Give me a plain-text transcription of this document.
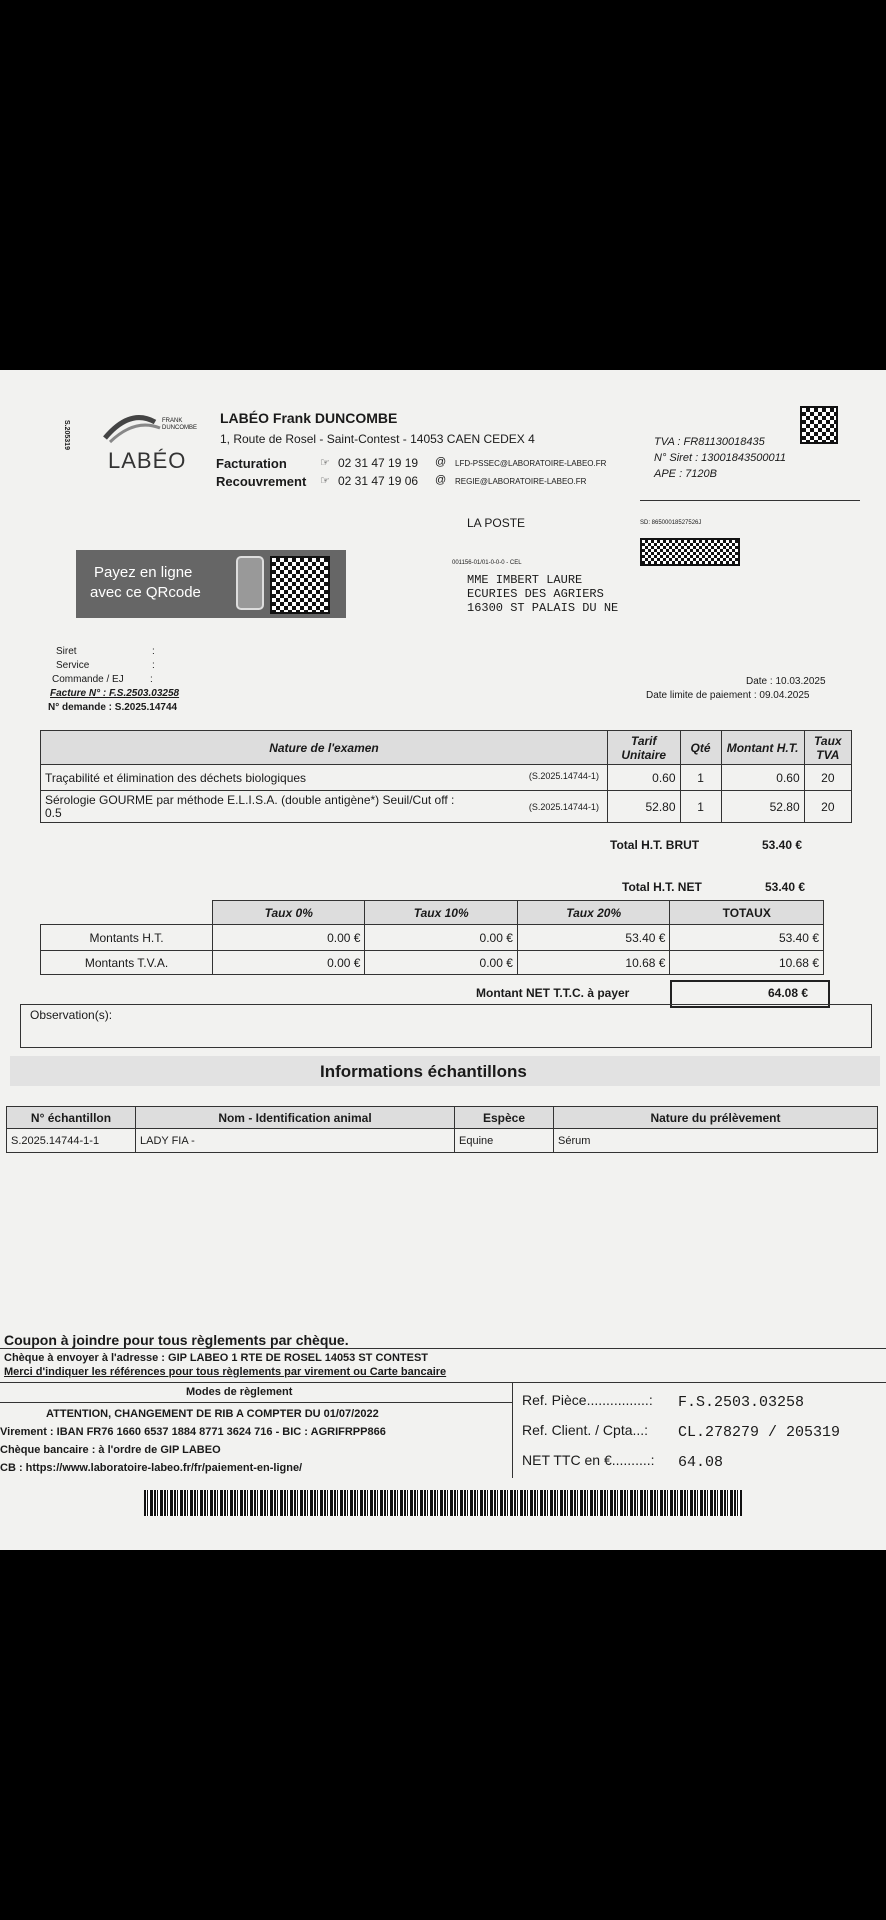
S.205319	FRANK
DUNCOMBE
LABÉO
LABÉO Frank DUNCOMBE
1, Route de Rosel - Saint-Contest - 14053 CAEN CEDEX 4
Facturation	☞ 02 31 47 19 19 @ LFD-PSSEC@LABORATOIRE-LABEO.FR
Recouvrement ☞ 02 31 47 19 06 @ REGIE@LABORATOIRE-LABEO.FR
TVA : FR81130018435
N° Siret : 13001843500011
APE : 7120B
LA POSTE	SD: 86500018527526J
001156-01/01-0-0-0 - CEL
MME IMBERT LAURE
ECURIES DES AGRIERS
16300 ST PALAIS DU NE
Payez en ligne
avec ce QRcode
Siret	:
Service	:
Commande / EJ	:
Facture N° : F.S.2503.03258
N° demande : S.2025.14744
Date : 10.03.2025
Date limite de paiement : 09.04.2025
Nature de l'examen	Tarif Unitaire	Qté	Montant H.T.	Taux TVA
Traçabilité et élimination des déchets biologiques (S.2025.14744-1)	0.60	1	0.60	20

Sérologie GOURME par méthode E.L.I.S.A. (double antigène*) Seuil/Cut off :
0.5 (S.2025.14744-1)	52.80	1	52.80	20
Total H.T. BRUT	53.40 €
Total H.T. NET	53.40 €
	Taux 0%	Taux 10%	Taux 20%	TOTAUX
Montants H.T.	0.00 €	0.00 €	53.40 €	53.40 €
Montants T.V.A.	0.00 €	0.00 €	10.68 €	10.68 €
Montant NET T.T.C. à payer	64.08 €
Observation(s):
Informations échantillons
N° échantillon	Nom - Identification animal	Espèce	Nature du prélèvement
S.2025.14744-1-1	LADY FIA -	Equine	Sérum
Coupon à joindre pour tous règlements par chèque.
Chèque à envoyer à l'adresse : GIP LABEO 1 RTE DE ROSEL 14053 ST CONTEST
Merci d'indiquer les références pour tous règlements par virement ou Carte bancaire
Modes de règlement
ATTENTION, CHANGEMENT DE RIB A COMPTER DU 01/07/2022
Virement : IBAN FR76 1660 6537 1884 8771 3624 716 - BIC : AGRIFRPP866
Chèque bancaire : à l'ordre de GIP LABEO
CB : https://www.laboratoire-labeo.fr/fr/paiement-en-ligne/
Ref. Pièce................: F.S.2503.03258
Ref. Client. / Cpta...: CL.278279 / 205319
NET TTC en €..........: 64.08
